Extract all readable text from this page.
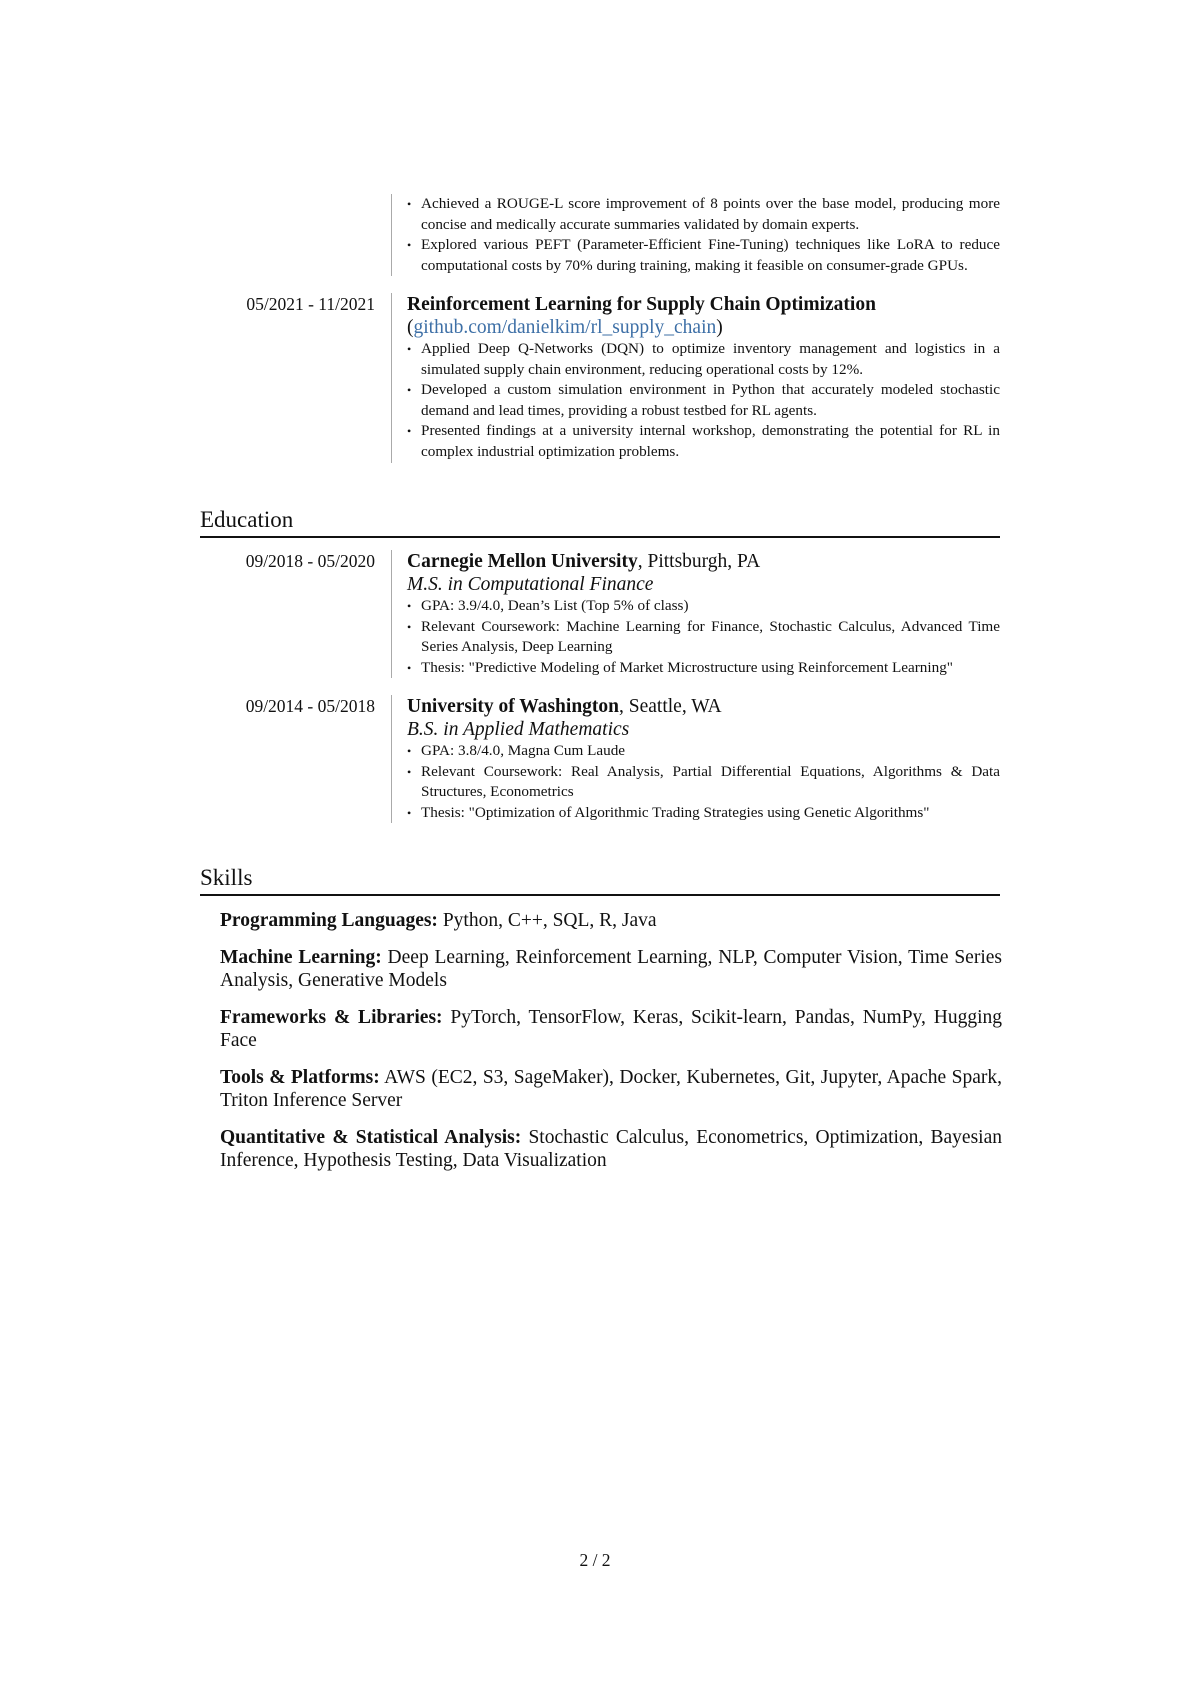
• Achieved a ROUGE-L score improvement of 8 points over the base model, producing more concise and medically accurate summaries validated by domain experts.
• Explored various PEFT (Parameter-Efficient Fine-Tuning) techniques like LoRA to reduce computational costs by 70% during training, making it feasible on consumer-grade GPUs.
05/2021 - 11/2021	Reinforcement Learning for Supply Chain Optimization
(github.com/danielkim/rl_supply_chain)
• Applied Deep Q-Networks (DQN) to optimize inventory management and logistics in a simulated supply chain environment, reducing operational costs by 12%.
• Developed a custom simulation environment in Python that accurately modeled stochastic demand and lead times, providing a robust testbed for RL agents.
• Presented findings at a university internal workshop, demonstrating the potential for RL in complex industrial optimization problems.
Education
09/2018 - 05/2020	Carnegie Mellon University, Pittsburgh, PA
M.S. in Computational Finance
• GPA: 3.9/4.0, Dean’s List (Top 5% of class)
• Relevant Coursework: Machine Learning for Finance, Stochastic Calculus, Advanced Time Series Analysis, Deep Learning
• Thesis: "Predictive Modeling of Market Microstructure using Reinforcement Learning"
09/2014 - 05/2018	University of Washington, Seattle, WA
B.S. in Applied Mathematics
• GPA: 3.8/4.0, Magna Cum Laude
• Relevant Coursework: Real Analysis, Partial Differential Equations, Algorithms & Data Structures, Econometrics
• Thesis: "Optimization of Algorithmic Trading Strategies using Genetic Algorithms"
Skills
Programming Languages: Python, C++, SQL, R, Java
Machine Learning: Deep Learning, Reinforcement Learning, NLP, Computer Vision, Time Series Analysis, Generative Models
Frameworks & Libraries: PyTorch, TensorFlow, Keras, Scikit-learn, Pandas, NumPy, Hugging Face
Tools & Platforms: AWS (EC2, S3, SageMaker), Docker, Kubernetes, Git, Jupyter, Apache Spark, Triton Inference Server
Quantitative & Statistical Analysis: Stochastic Calculus, Econometrics, Optimization, Bayesian Inference, Hypothesis Testing, Data Visualization
2 / 2
